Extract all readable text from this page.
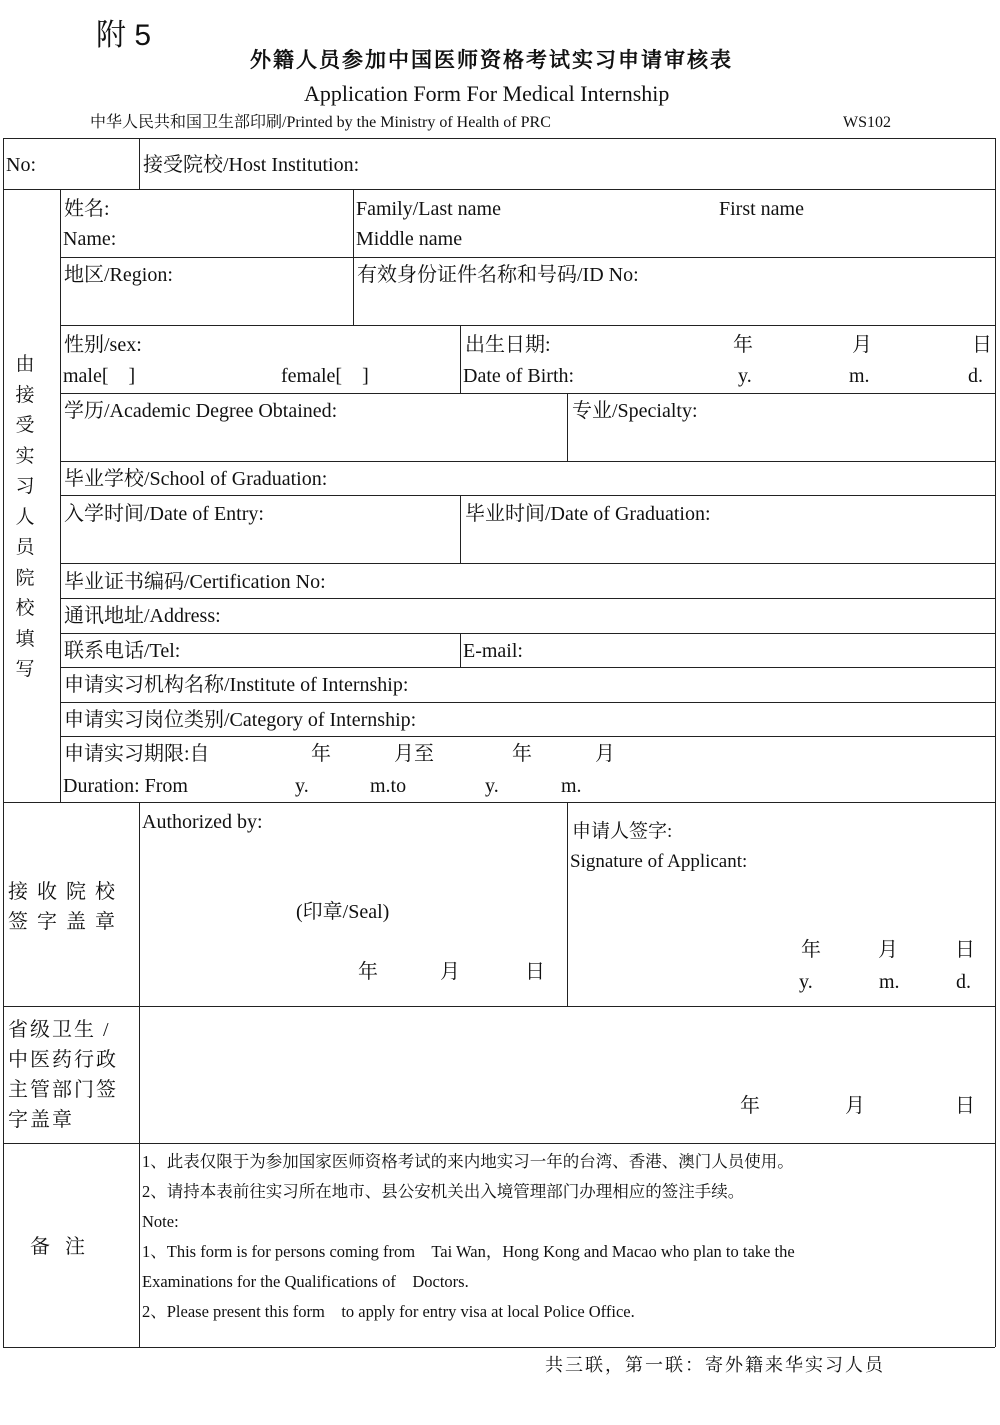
附 5
外籍人员参加中国医师资格考试实习申请审核表
Application Form For Medical Internship
中华人民共和国卫生部印刷/Printed by the Ministry of Health of PRC	WS102
No:	接受院校/Host Institution:
由接受实习人员院校填写
姓名:
Name:
Family/Last name	First name
Middle name
地区/Region:	有效身份证件名称和号码/ID No:
性别/sex:
male[    ]	female[    ]
出生日期:
Date of Birth:
年	月	日
y.	m.	d.
学历/Academic Degree Obtained:	专业/Specialty:
毕业学校/School of Graduation:
入学时间/Date of Entry:	毕业时间/Date of Graduation:
毕业证书编码/Certification No:
通讯地址/Address:
联系电话/Tel:	E-mail:
申请实习机构名称/Institute of Internship:
申请实习岗位类别/Category of Internship:
申请实习期限:自	年	月至	年	月
Duration: From	y.	m.to	y.	m.
接 收 院 校
签 字 盖 章
Authorized by:
(印章/Seal)
年	月	日
申请人签字:
Signature of Applicant:
年	月	日
y.	m.	d.
省级卫生 /
中医药行政
主管部门签
字盖章
年	月	日
备   注
1、此表仅限于为参加国家医师资格考试的来内地实习一年的台湾、香港、澳门人员使用。
2、请持本表前往实习所在地市、县公安机关出入境管理部门办理相应的签注手续。
Note:
1、This form is for persons coming from    Tai Wan，Hong Kong and Macao who plan to take the
Examinations for the Qualifications of    Doctors.
2、Please present this form    to apply for entry visa at local Police Office.
共三联，第一联：寄外籍来华实习人员
